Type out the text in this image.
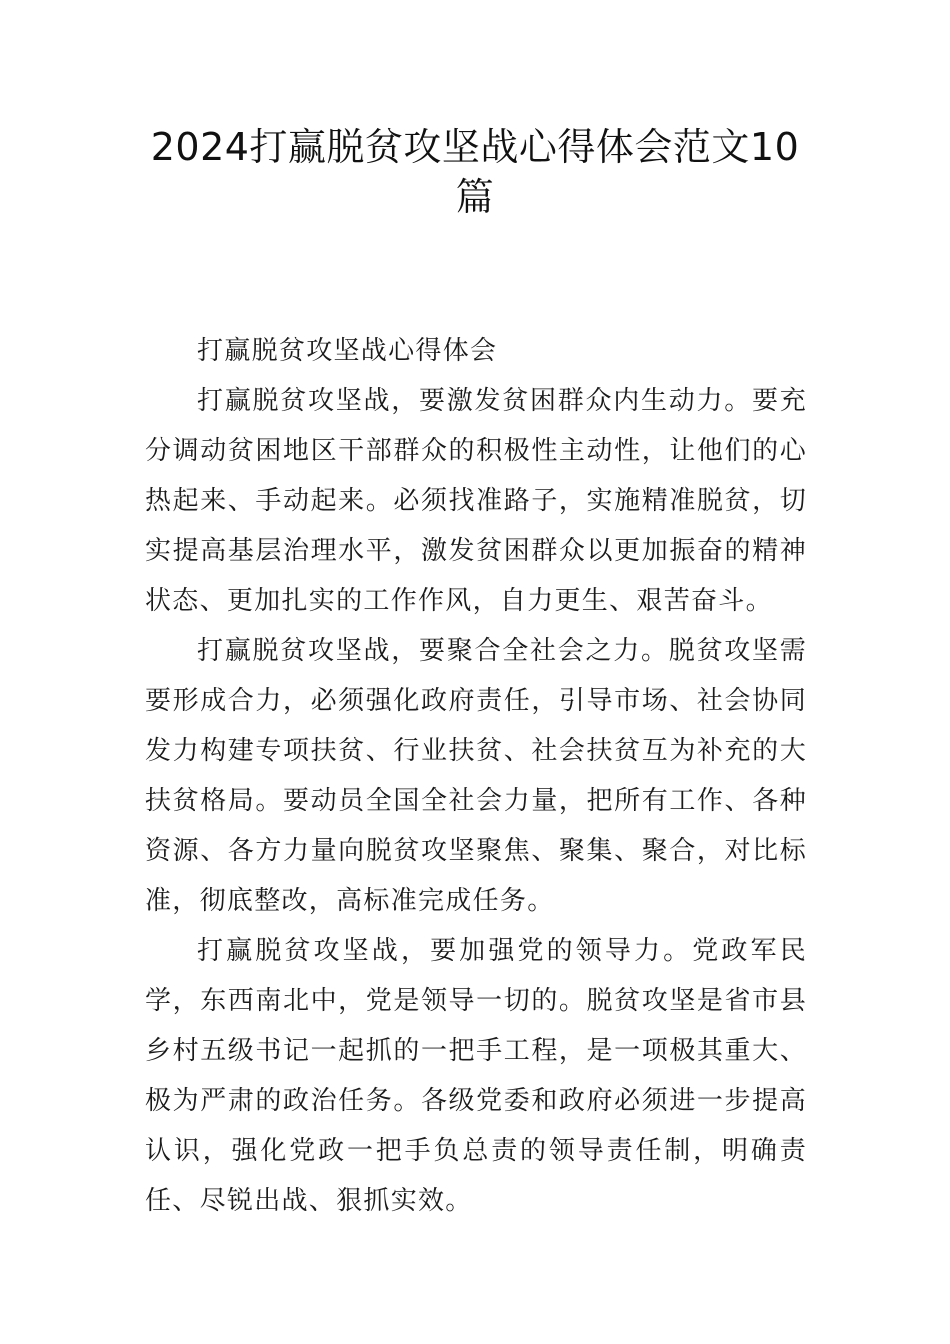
2024打赢脱贫攻坚战心得体会范文10篇

打赢脱贫攻坚战心得体会

打赢脱贫攻坚战，要激发贫困群众内生动力。要充分调动贫困地区干部群众的积极性主动性，让他们的心热起来、手动起来。必须找准路子，实施精准脱贫，切实提高基层治理水平，激发贫困群众以更加振奋的精神状态、更加扎实的工作作风，自力更生、艰苦奋斗。

打赢脱贫攻坚战，要聚合全社会之力。脱贫攻坚需要形成合力，必须强化政府责任，引导市场、社会协同发力构建专项扶贫、行业扶贫、社会扶贫互为补充的大扶贫格局。要动员全国全社会力量，把所有工作、各种资源、各方力量向脱贫攻坚聚焦、聚集、聚合，对比标准，彻底整改，高标准完成任务。

打赢脱贫攻坚战，要加强党的领导力。党政军民学，东西南北中，党是领导一切的。脱贫攻坚是省市县乡村五级书记一起抓的一把手工程，是一项极其重大、极为严肃的政治任务。各级党委和政府必须进一步提高认识，强化党政一把手负总责的领导责任制，明确责任、尽锐出战、狠抓实效。
